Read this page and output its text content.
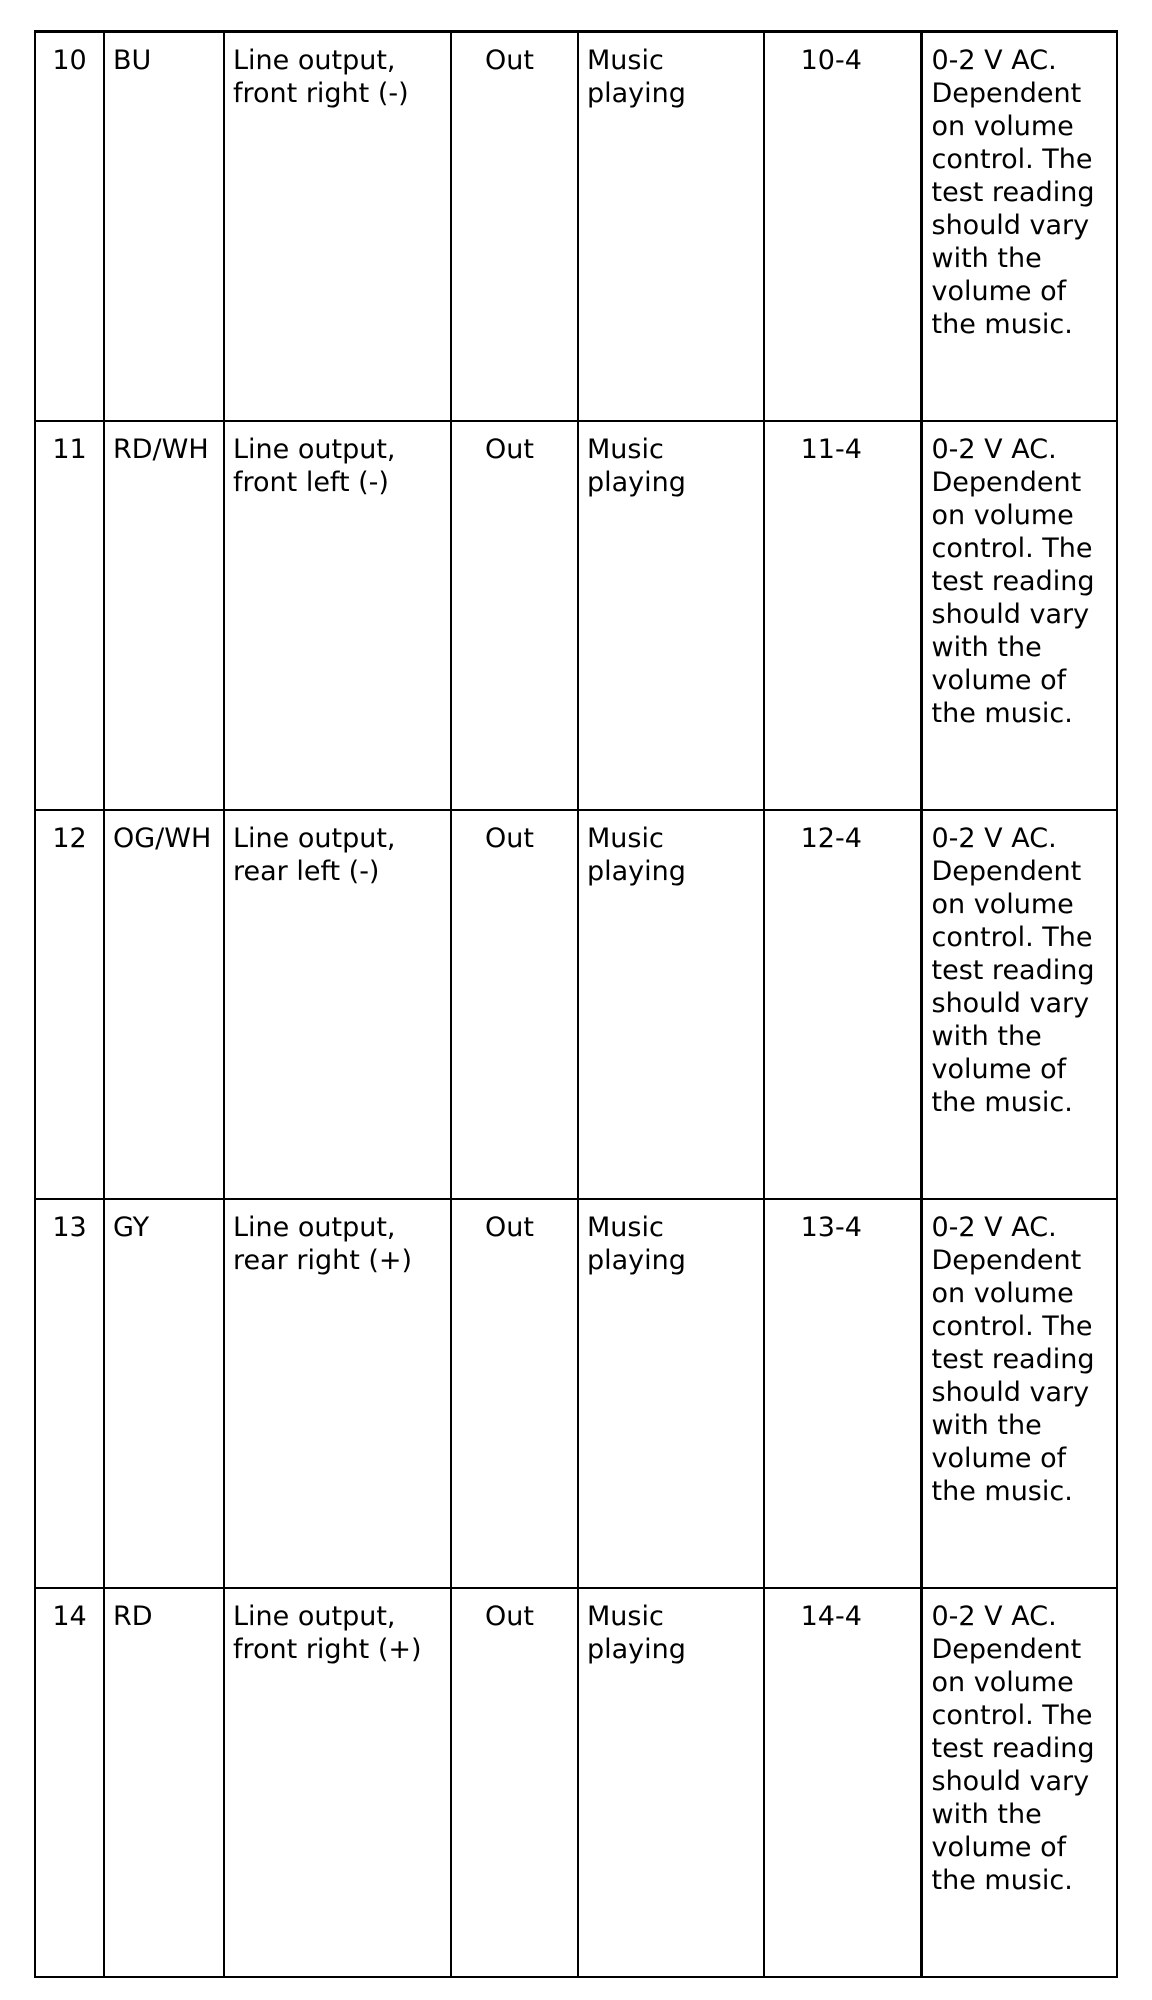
10	BU	Line output, front right (-)	Out	Music playing	10-4	0-2 V AC. Dependent on volume control. The test reading should vary with the volume of the music.
11	RD/WH	Line output, front left (-)	Out	Music playing	11-4	0-2 V AC. Dependent on volume control. The test reading should vary with the volume of the music.
12	OG/WH	Line output, rear left (-)	Out	Music playing	12-4	0-2 V AC. Dependent on volume control. The test reading should vary with the volume of the music.
13	GY	Line output, rear right (+)	Out	Music playing	13-4	0-2 V AC. Dependent on volume control. The test reading should vary with the volume of the music.
14	RD	Line output, front right (+)	Out	Music playing	14-4	0-2 V AC. Dependent on volume control. The test reading should vary with the volume of the music.
